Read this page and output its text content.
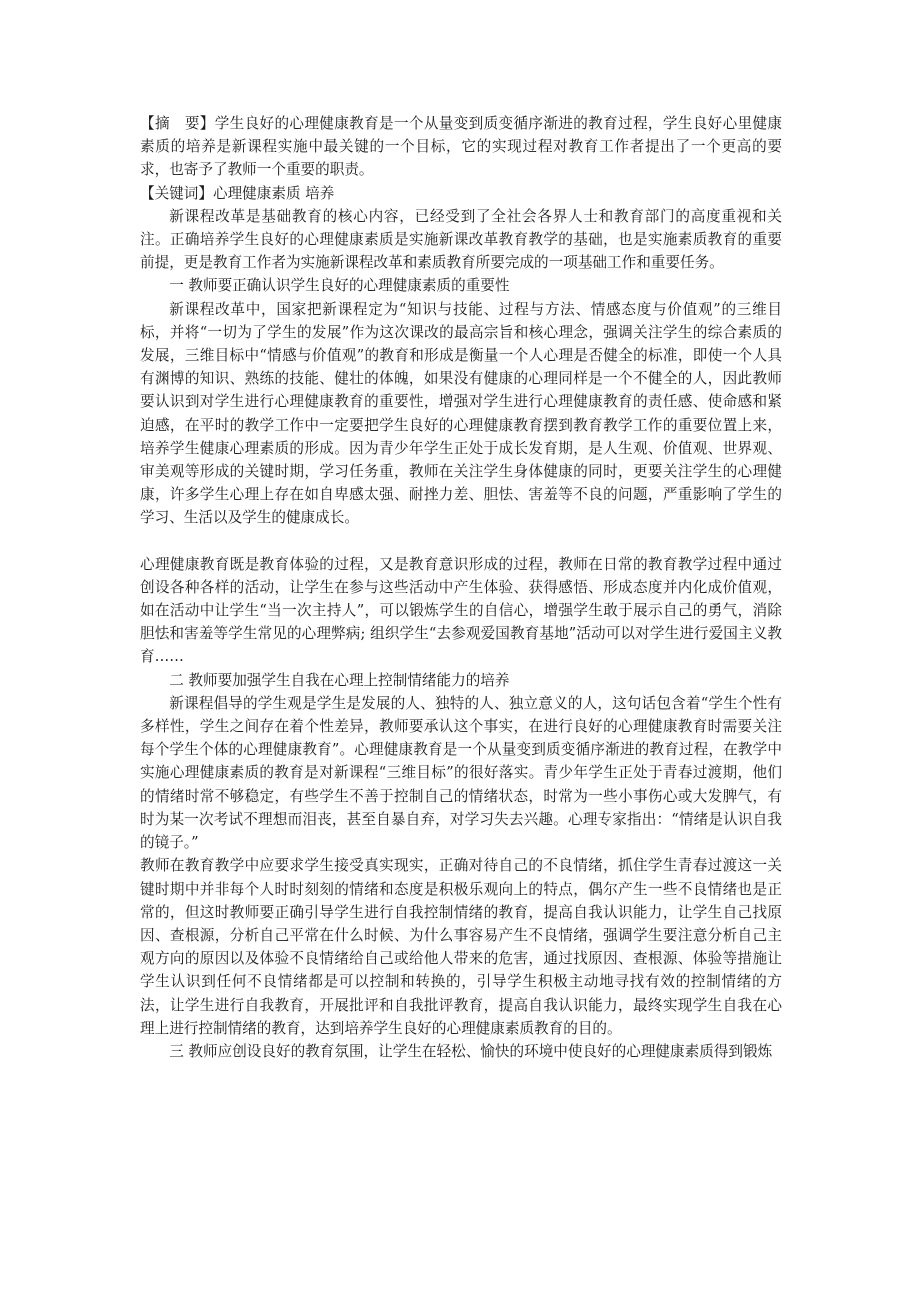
【摘　要】学生良好的心理健康教育是一个从量变到质变循序渐进的教育过程，学生良好心里健康素质的培养是新课程实施中最关键的一个目标，它的实现过程对教育工作者提出了一个更高的要求，也寄予了教师一个重要的职责。

【关键词】心理健康素质 培养

新课程改革是基础教育的核心内容，已经受到了全社会各界人士和教育部门的高度重视和关注。正确培养学生良好的心理健康素质是实施新课改革教育教学的基础，也是实施素质教育的重要前提，更是教育工作者为实施新课程改革和素质教育所要完成的一项基础工作和重要任务。

一 教师要正确认识学生良好的心理健康素质的重要性

新课程改革中，国家把新课程定为“知识与技能、过程与方法、情感态度与价值观”的三维目标，并将“一切为了学生的发展”作为这次课改的最高宗旨和核心理念，强调关注学生的综合素质的发展，三维目标中“情感与价值观”的教育和形成是衡量一个人心理是否健全的标准，即使一个人具有渊博的知识、熟练的技能、健壮的体魄，如果没有健康的心理同样是一个不健全的人，因此教师要认识到对学生进行心理健康教育的重要性，增强对学生进行心理健康教育的责任感、使命感和紧迫感，在平时的教学工作中一定要把学生良好的心理健康教育摆到教育教学工作的重要位置上来，培养学生健康心理素质的形成。因为青少年学生正处于成长发育期，是人生观、价值观、世界观、审美观等形成的关键时期，学习任务重，教师在关注学生身体健康的同时，更要关注学生的心理健康，许多学生心理上存在如自卑感太强、耐挫力差、胆怯、害羞等不良的问题，严重影响了学生的学习、生活以及学生的健康成长。

心理健康教育既是教育体验的过程，又是教育意识形成的过程，教师在日常的教育教学过程中通过创设各种各样的活动，让学生在参与这些活动中产生体验、获得感悟、形成态度并内化成价值观，如在活动中让学生“当一次主持人”，可以锻炼学生的自信心，增强学生敢于展示自己的勇气，消除胆怯和害羞等学生常见的心理弊病; 组织学生“去参观爱国教育基地”活动可以对学生进行爱国主义教育……

二 教师要加强学生自我在心理上控制情绪能力的培养

新课程倡导的学生观是学生是发展的人、独特的人、独立意义的人，这句话包含着“学生个性有多样性，学生之间存在着个性差异，教师要承认这个事实，在进行良好的心理健康教育时需要关注每个学生个体的心理健康教育”。心理健康教育是一个从量变到质变循序渐进的教育过程，在教学中实施心理健康素质的教育是对新课程“三维目标”的很好落实。青少年学生正处于青春过渡期，他们的情绪时常不够稳定，有些学生不善于控制自己的情绪状态，时常为一些小事伤心或大发脾气，有时为某一次考试不理想而泪丧，甚至自暴自弃，对学习失去兴趣。心理专家指出：“情绪是认识自我的镜子。”

教师在教育教学中应要求学生接受真实现实，正确对待自己的不良情绪，抓住学生青春过渡这一关键时期中并非每个人时时刻刻的情绪和态度是积极乐观向上的特点，偶尔产生一些不良情绪也是正常的，但这时教师要正确引导学生进行自我控制情绪的教育，提高自我认识能力，让学生自己找原因、查根源，分析自己平常在什么时候、为什么事容易产生不良情绪，强调学生要注意分析自己主观方向的原因以及体验不良情绪给自己或给他人带来的危害，通过找原因、查根源、体验等措施让学生认识到任何不良情绪都是可以控制和转换的，引导学生积极主动地寻找有效的控制情绪的方法，让学生进行自我教育，开展批评和自我批评教育，提高自我认识能力，最终实现学生自我在心理上进行控制情绪的教育，达到培养学生良好的心理健康素质教育的目的。

三 教师应创设良好的教育氛围，让学生在轻松、愉快的环境中使良好的心理健康素质得到锻炼
